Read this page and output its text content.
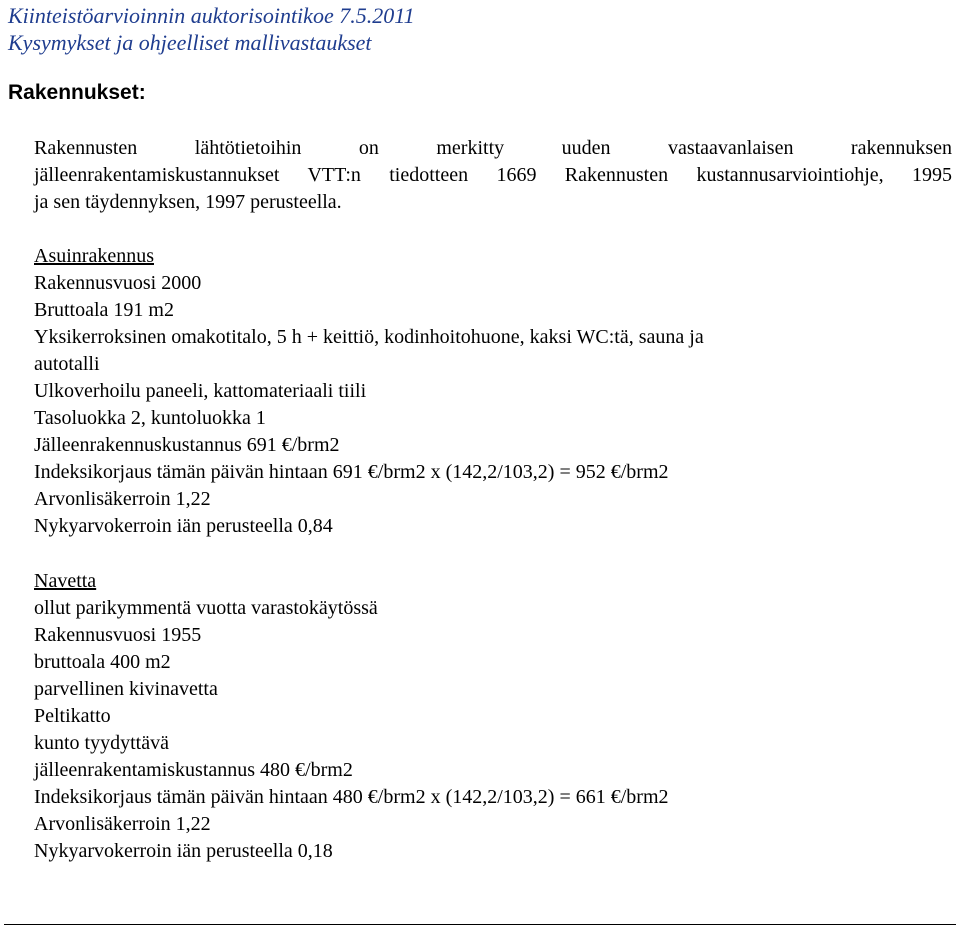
Kiinteistöarvioinnin auktorisointikoe 7.5.2011
Kysymykset ja ohjeelliset mallivastaukset
Rakennukset:
Rakennusten lähtötietoihin on merkitty uuden vastaavanlaisen rakennuksen
jälleenrakentamiskustannukset VTT:n tiedotteen 1669 Rakennusten kustannusarviointiohje, 1995
ja sen täydennyksen, 1997 perusteella.
Asuinrakennus
Rakennusvuosi 2000
Bruttoala 191 m2
Yksikerroksinen omakotitalo, 5 h + keittiö, kodinhoitohuone, kaksi WC:tä, sauna ja
autotalli
Ulkoverhoilu paneeli, kattomateriaali tiili
Tasoluokka 2, kuntoluokka 1
Jälleenrakennuskustannus 691 €/brm2
Indeksikorjaus tämän päivän hintaan 691 €/brm2 x (142,2/103,2) = 952 €/brm2
Arvonlisäkerroin 1,22
Nykyarvokerroin iän perusteella 0,84
Navetta
ollut parikymmentä vuotta varastokäytössä
Rakennusvuosi 1955
bruttoala 400 m2
parvellinen kivinavetta
Peltikatto
kunto tyydyttävä
jälleenrakentamiskustannus 480 €/brm2
Indeksikorjaus tämän päivän hintaan 480 €/brm2 x (142,2/103,2) = 661 €/brm2
Arvonlisäkerroin 1,22
Nykyarvokerroin iän perusteella 0,18
